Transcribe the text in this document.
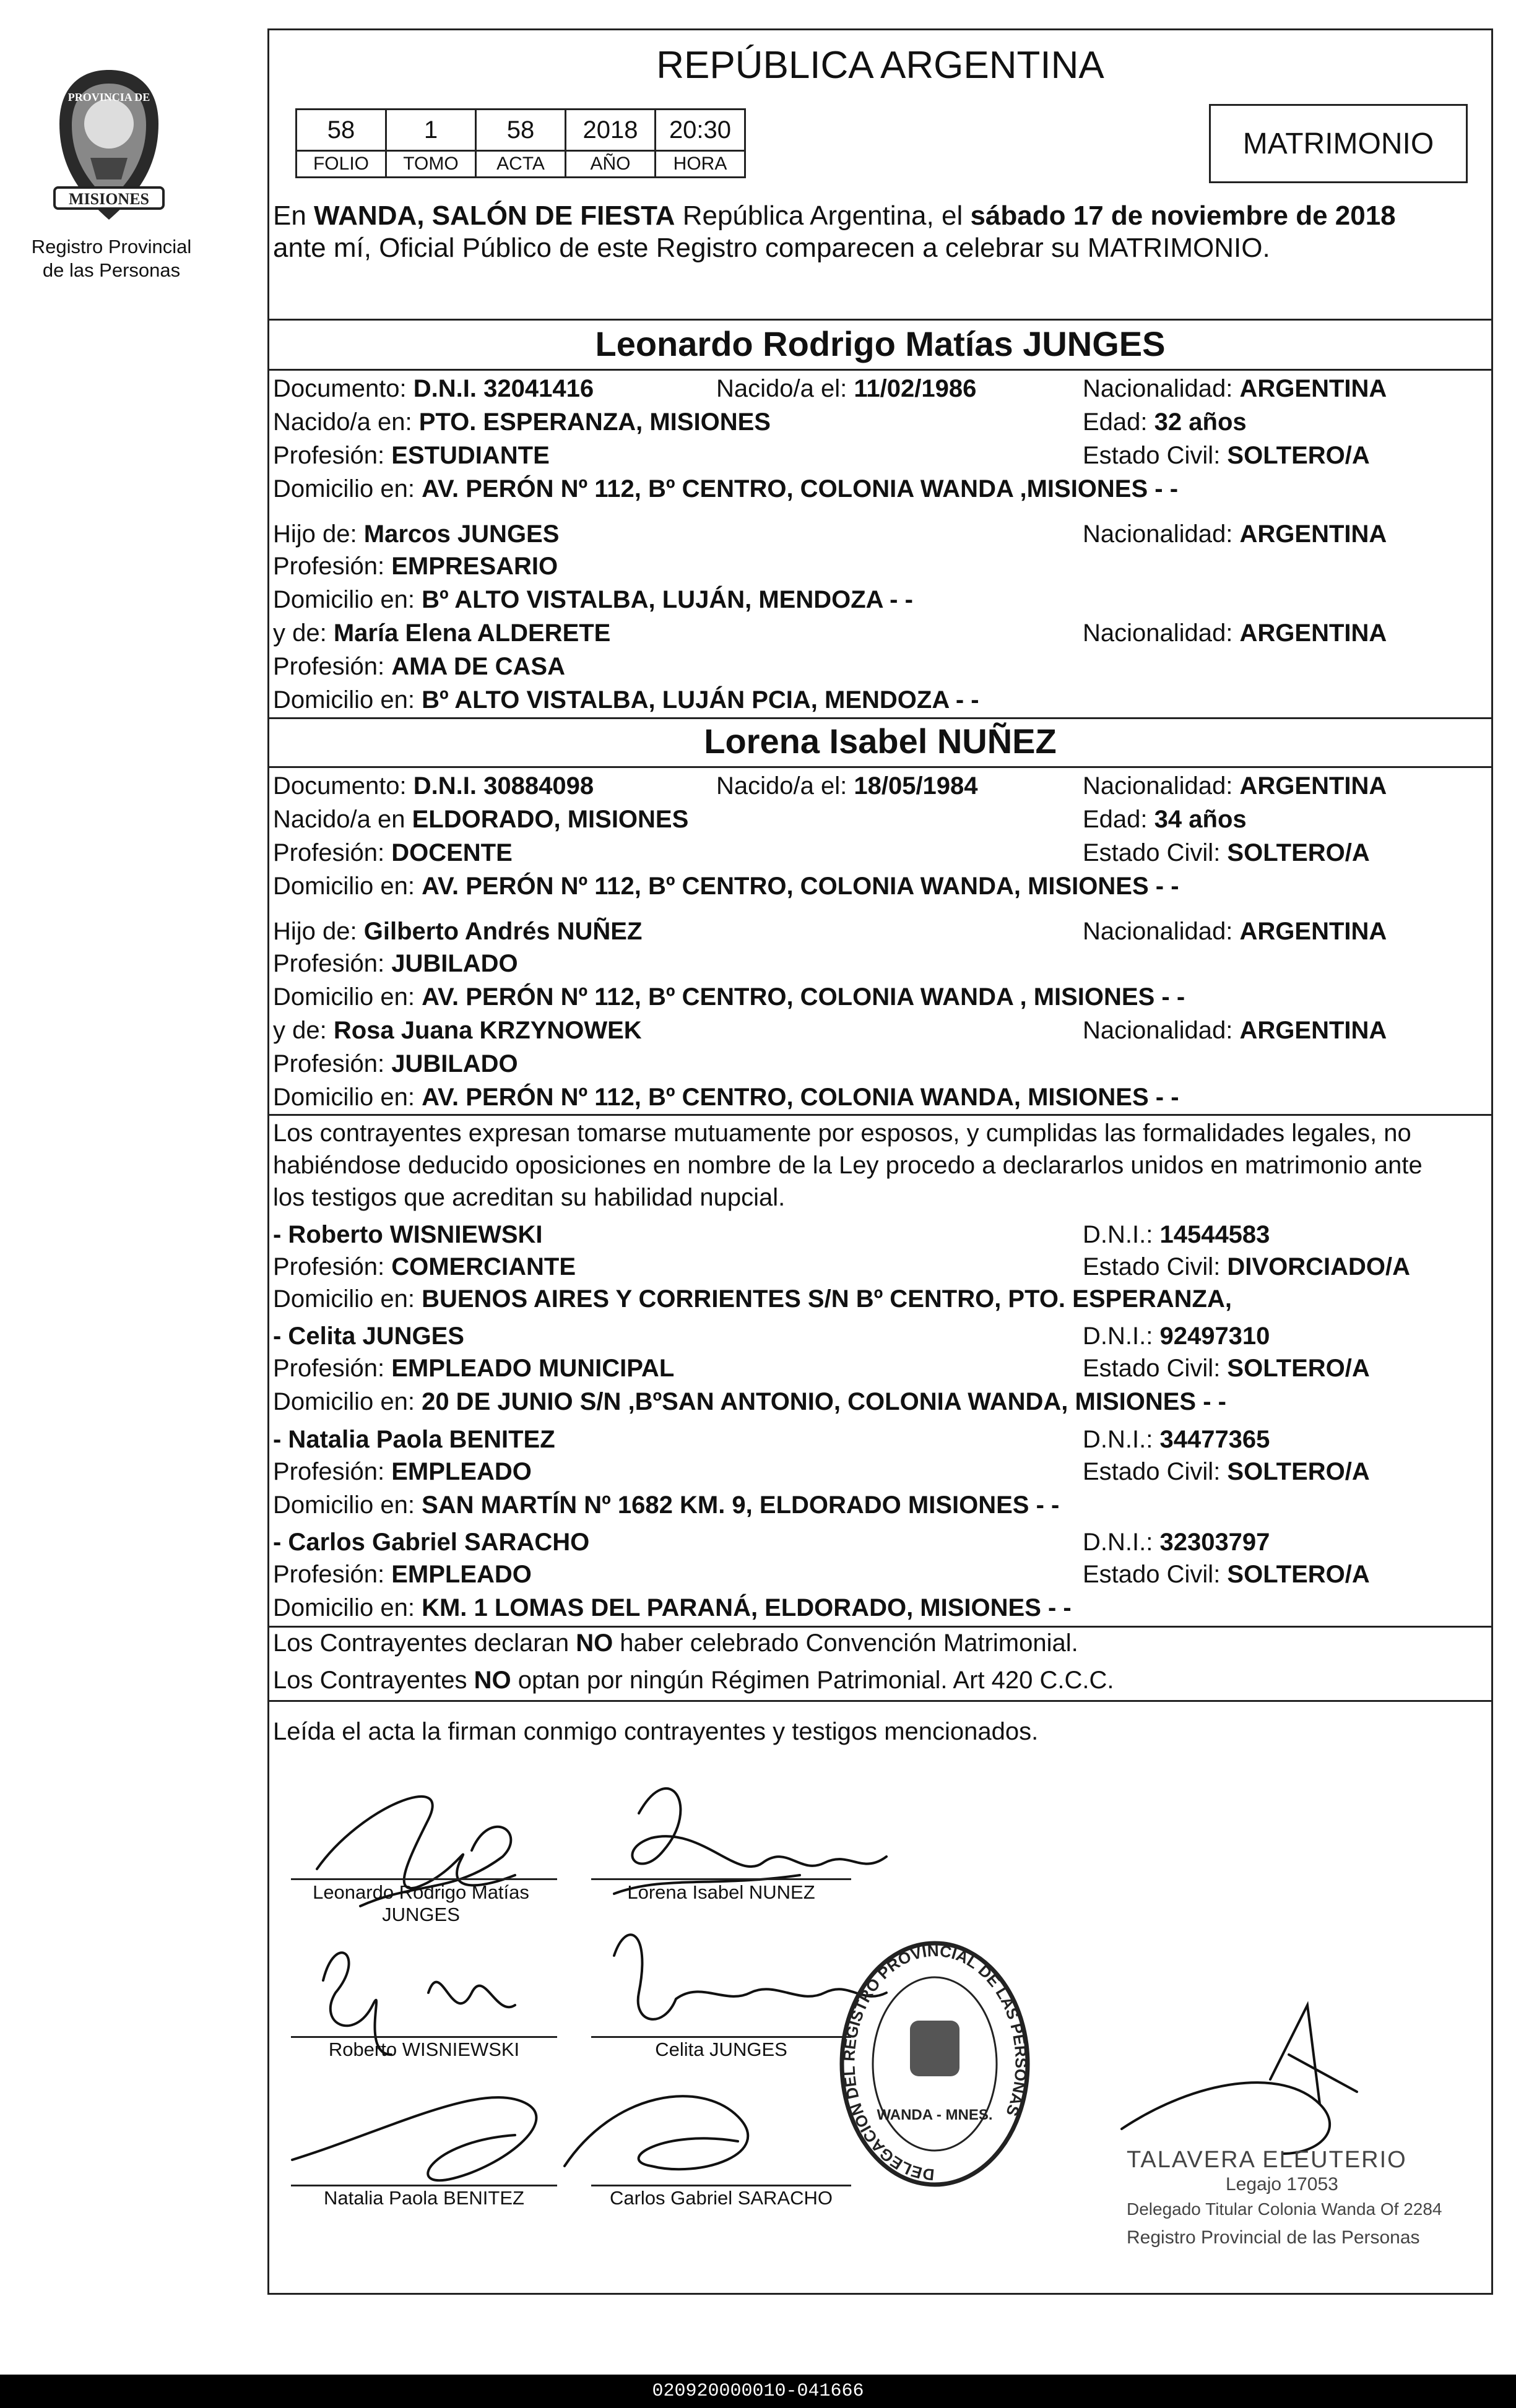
MISIONES
PROVINCIA DE
Registro Provincial
de las Personas
REPÚBLICA ARGENTINA
58	1	58	2018	20:30
FOLIO	TOMO	ACTA	AÑO	HORA
MATRIMONIO
En WANDA, SALÓN DE FIESTA República Argentina, el sábado 17 de noviembre de 2018
ante mí, Oficial Público de este Registro comparecen a celebrar su MATRIMONIO.
Leonardo Rodrigo Matías JUNGES
Documento: D.N.I. 32041416	Nacido/a el: 11/02/1986	Nacionalidad: ARGENTINA
Nacido/a en: PTO. ESPERANZA, MISIONES	Edad: 32 años
Profesión: ESTUDIANTE	Estado Civil: SOLTERO/A
Domicilio en: AV. PERÓN Nº 112, Bº CENTRO, COLONIA WANDA ,MISIONES - -
Hijo de: Marcos JUNGES	Nacionalidad: ARGENTINA
Profesión: EMPRESARIO
Domicilio en: Bº ALTO VISTALBA, LUJÁN, MENDOZA - -
y de: María Elena ALDERETE	Nacionalidad: ARGENTINA
Profesión: AMA DE CASA
Domicilio en: Bº ALTO VISTALBA, LUJÁN PCIA, MENDOZA - -
Lorena Isabel NUÑEZ
Documento: D.N.I. 30884098	Nacido/a el: 18/05/1984	Nacionalidad: ARGENTINA
Nacido/a en ELDORADO, MISIONES	Edad: 34 años
Profesión: DOCENTE	Estado Civil: SOLTERO/A
Domicilio en: AV. PERÓN Nº 112, Bº CENTRO, COLONIA WANDA, MISIONES - -
Hijo de: Gilberto Andrés NUÑEZ	Nacionalidad: ARGENTINA
Profesión: JUBILADO
Domicilio en: AV. PERÓN Nº 112, Bº CENTRO, COLONIA WANDA , MISIONES - -
y de: Rosa Juana KRZYNOWEK	Nacionalidad: ARGENTINA
Profesión: JUBILADO
Domicilio en: AV. PERÓN Nº 112, Bº CENTRO, COLONIA WANDA, MISIONES - -
Los contrayentes expresan tomarse mutuamente por esposos, y cumplidas las formalidades legales, no
habiéndose deducido oposiciones en nombre de la Ley procedo a declararlos unidos en matrimonio ante
los testigos que acreditan su habilidad nupcial.
- Roberto WISNIEWSKI	D.N.I.: 14544583
Profesión: COMERCIANTE	Estado Civil: DIVORCIADO/A
Domicilio en: BUENOS AIRES Y CORRIENTES S/N Bº CENTRO, PTO. ESPERANZA,
- Celita JUNGES	D.N.I.: 92497310
Profesión: EMPLEADO MUNICIPAL	Estado Civil: SOLTERO/A
Domicilio en: 20 DE JUNIO S/N ,BºSAN ANTONIO, COLONIA WANDA, MISIONES - -
- Natalia Paola BENITEZ	D.N.I.: 34477365
Profesión: EMPLEADO	Estado Civil: SOLTERO/A
Domicilio en: SAN MARTÍN Nº 1682 KM. 9, ELDORADO MISIONES - -
- Carlos Gabriel SARACHO	D.N.I.: 32303797
Profesión: EMPLEADO	Estado Civil: SOLTERO/A
Domicilio en: KM. 1 LOMAS DEL PARANÁ, ELDORADO, MISIONES - -
Los Contrayentes declaran NO haber celebrado Convención Matrimonial.
Los Contrayentes NO optan por ningún Régimen Patrimonial. Art 420 C.C.C.
Leída el acta la firman conmigo contrayentes y testigos mencionados.
Leonardo Rodrigo Matías
JUNGES
Lorena Isabel NUNEZ
Roberto WISNIEWSKI	Celita JUNGES
Natalia Paola BENITEZ	Carlos Gabriel SARACHO
DELEGACION DEL REGISTRO PROVINCIAL DE LAS PERSONAS
WANDA - MNES.
TALAVERA ELEUTERIO
Legajo 17053
Delegado Titular Colonia Wanda Of 2284
Registro Provincial de las Personas
020920000010-041666
